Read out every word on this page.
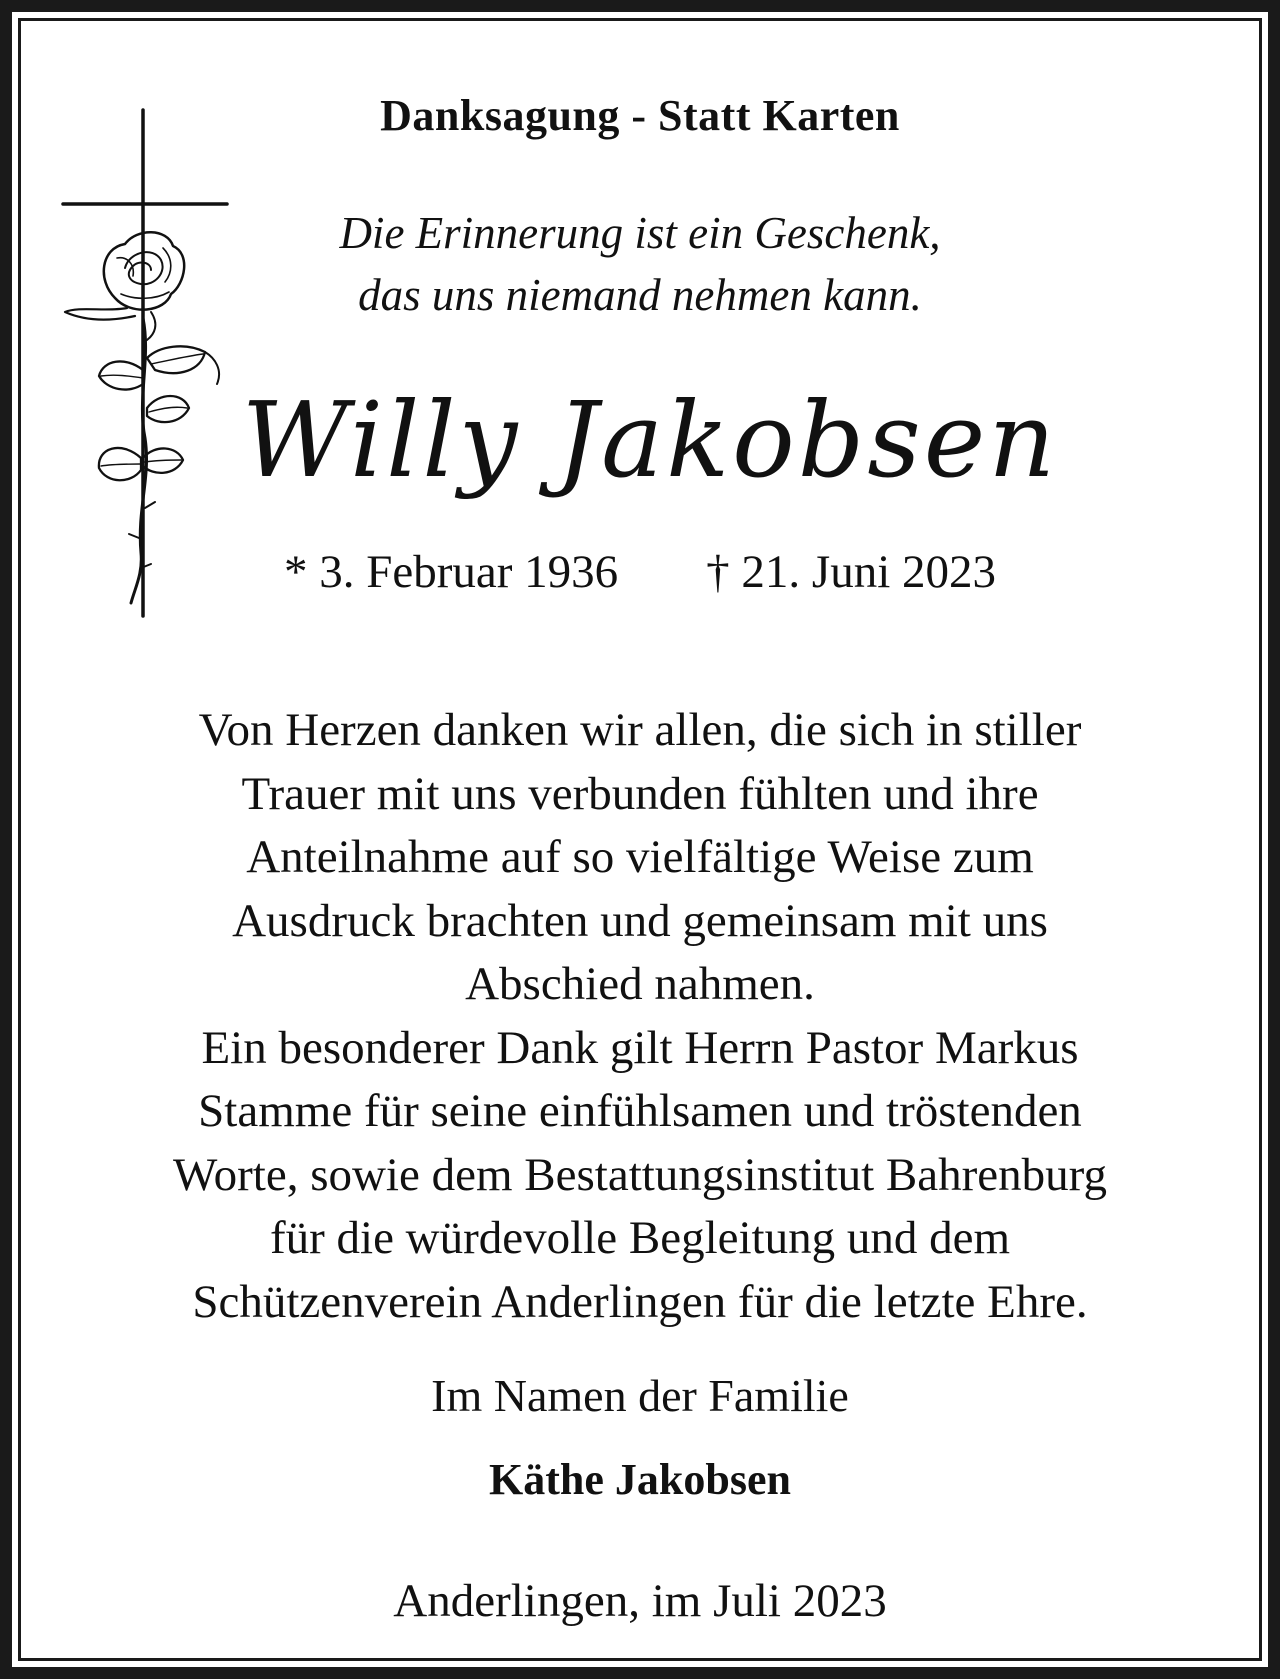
Danksagung - Statt Karten
Die Erinnerung ist ein Geschenk,
das uns niemand nehmen kann.
Willy Jakobsen
* 3. Februar 1936 † 21. Juni 2023
Von Herzen danken wir allen, die sich in stiller
Trauer mit uns verbunden fühlten und ihre
Anteilnahme auf so vielfältige Weise zum
Ausdruck brachten und gemeinsam mit uns
Abschied nahmen.
Ein besonderer Dank gilt Herrn Pastor Markus
Stamme für seine einfühlsamen und tröstenden
Worte, sowie dem Bestattungsinstitut Bahrenburg
für die würdevolle Begleitung und dem
Schützenverein Anderlingen für die letzte Ehre.
Im Namen der Familie
Käthe Jakobsen
Anderlingen, im Juli 2023
